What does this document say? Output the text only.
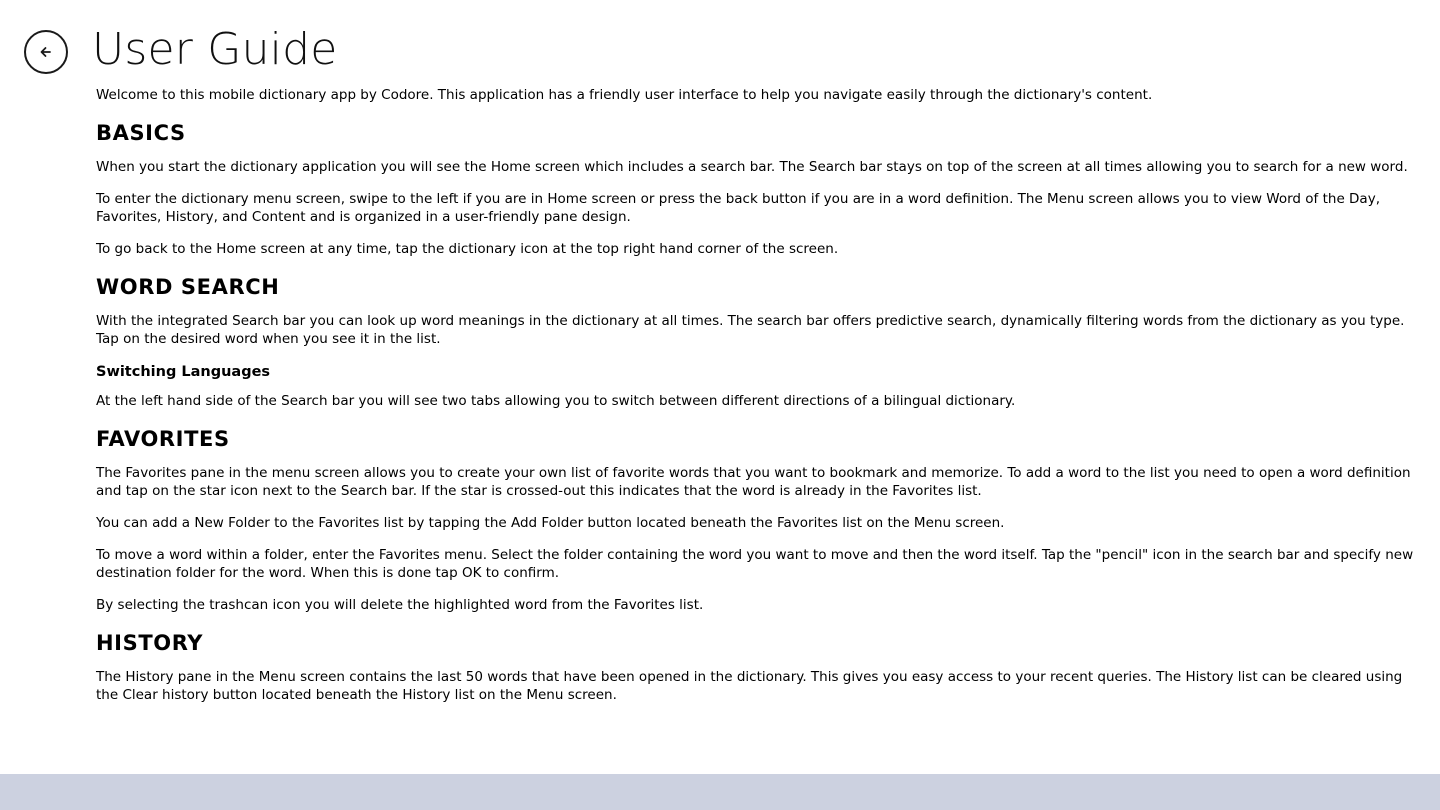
User Guide

Welcome to this mobile dictionary app by Codore. This application has a friendly user interface to help you navigate easily through the dictionary's content.

BASICS

When you start the dictionary application you will see the Home screen which includes a search bar. The Search bar stays on top of the screen at all times allowing you to search for a new word.

To enter the dictionary menu screen, swipe to the left if you are in Home screen or press the back button if you are in a word definition. The Menu screen allows you to view Word of the Day, Favorites, History, and Content and is organized in a user-friendly pane design.

To go back to the Home screen at any time, tap the dictionary icon at the top right hand corner of the screen.

WORD SEARCH

With the integrated Search bar you can look up word meanings in the dictionary at all times. The search bar offers predictive search, dynamically filtering words from the dictionary as you type. Tap on the desired word when you see it in the list.

Switching Languages

At the left hand side of the Search bar you will see two tabs allowing you to switch between different directions of a bilingual dictionary.

FAVORITES

The Favorites pane in the menu screen allows you to create your own list of favorite words that you want to bookmark and memorize. To add a word to the list you need to open a word definition and tap on the star icon next to the Search bar. If the star is crossed-out this indicates that the word is already in the Favorites list.

You can add a New Folder to the Favorites list by tapping the Add Folder button located beneath the Favorites list on the Menu screen.

To move a word within a folder, enter the Favorites menu. Select the folder containing the word you want to move and then the word itself. Tap the "pencil" icon in the search bar and specify new destination folder for the word. When this is done tap OK to confirm.

By selecting the trashcan icon you will delete the highlighted word from the Favorites list.

HISTORY

The History pane in the Menu screen contains the last 50 words that have been opened in the dictionary. This gives you easy access to your recent queries. The History list can be cleared using the Clear history button located beneath the History list on the Menu screen.
